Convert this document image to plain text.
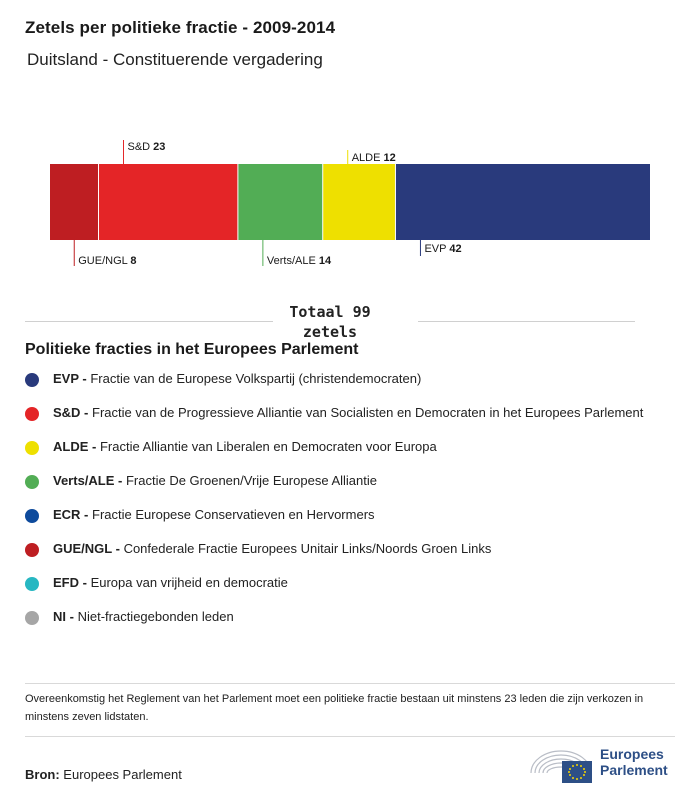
Zetels per politieke fractie - 2009-2014
Duitsland - Constituerende vergadering
GUE/NGL 8
S&D 23
Verts/ALE 14
ALDE 12
EVP 42
Totaal 99
zetels
Politieke fracties in het Europees Parlement
EVP - Fractie van de Europese Volkspartij (christendemocraten)
S&D - Fractie van de Progressieve Alliantie van Socialisten en Democraten in het Europees Parlement
ALDE - Fractie Alliantie van Liberalen en Democraten voor Europa
Verts/ALE - Fractie De Groenen/Vrije Europese Alliantie
ECR - Fractie Europese Conservatieven en Hervormers
GUE/NGL - Confederale Fractie Europees Unitair Links/Noords Groen Links
EFD - Europa van vrijheid en democratie
NI - Niet-fractiegebonden leden
Overeenkomstig het Reglement van het Parlement moet een politieke fractie bestaan uit minstens 23 leden die zijn verkozen in minstens zeven lidstaten.
Bron: Europees Parlement
Europees
Parlement
